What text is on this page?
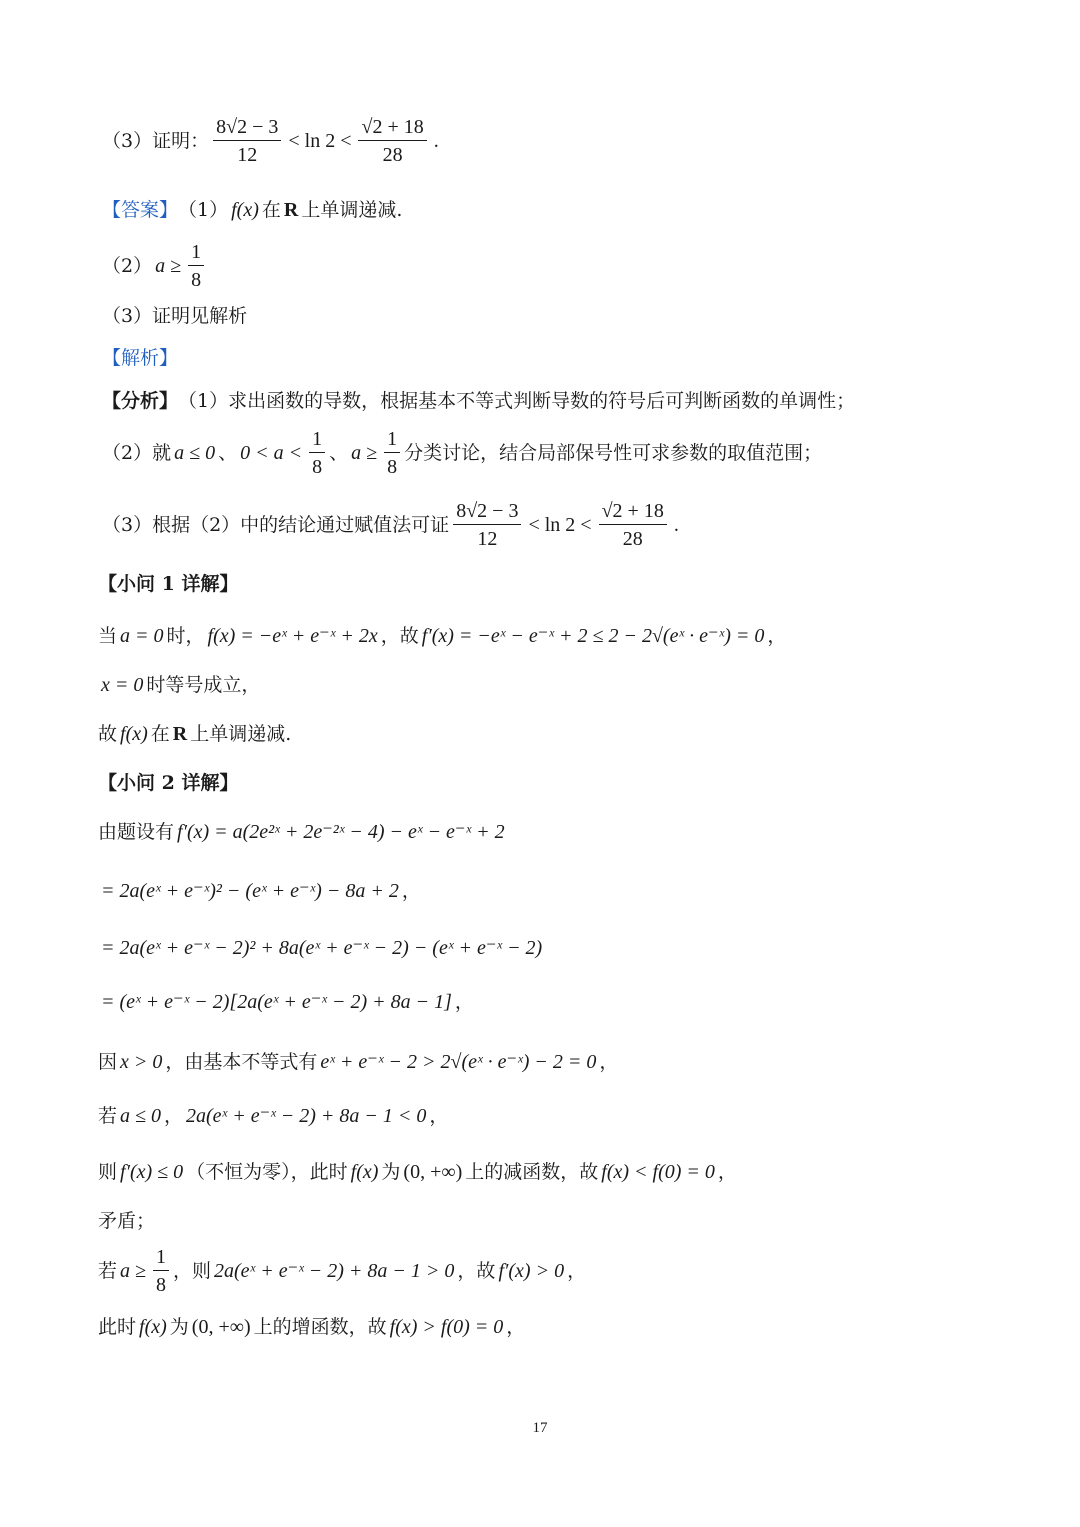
（3）证明： $\frac{8√2 - 3}{12} < \ln 2 < \frac{√2 + 18}{28}$ .
【答案】 （1） f(x) 在 R 上单调递减.
（2） $a \ge \frac{1}{8}$
（3）证明见解析
【解析】
【分析】 （1）求出函数的导数，根据基本不等式判断导数的符号后可判断函数的单调性；
（2）就 a ≤ 0 、 $0 < a < \frac{1}{8}$ 、 $a \ge \frac{1}{8}$ 分类讨论，结合局部保号性可求参数的取值范围；
（3）根据（2）中的结论通过赋值法可证 $\frac{8√2 - 3}{12} < \ln 2 < \frac{√2 + 18}{28}$ .
【小问 1 详解】
当 a = 0 时， f(x) = −eˣ + e⁻ˣ + 2x ，故 f′(x) = −eˣ − e⁻ˣ + 2 ≤ 2 − 2√(eˣ · e⁻ˣ) = 0 ，
x = 0 时等号成立，
故 f(x) 在 R 上单调递减.
【小问 2 详解】
由题设有 f′(x) = a(2e²ˣ + 2e⁻²ˣ − 4) − eˣ − e⁻ˣ + 2
= 2a(eˣ + e⁻ˣ)² − (eˣ + e⁻ˣ) − 8a + 2 ，
= 2a(eˣ + e⁻ˣ − 2)² + 8a(eˣ + e⁻ˣ − 2) − (eˣ + e⁻ˣ − 2)
= (eˣ + e⁻ˣ − 2)[2a(eˣ + e⁻ˣ − 2) + 8a − 1] ，
因 x > 0 ，由基本不等式有 eˣ + e⁻ˣ − 2 > 2√(eˣ · e⁻ˣ) − 2 = 0 ，
若 a ≤ 0 ， 2a(eˣ + e⁻ˣ − 2) + 8a − 1 < 0 ，
则 f′(x) ≤ 0 （不恒为零），此时 f(x) 为 (0, +∞) 上的减函数，故 f(x) < f(0) = 0 ，
矛盾；
若 $a \ge \frac{1}{8}$ ，则 2a(eˣ + e⁻ˣ − 2) + 8a − 1 > 0 ，故 f′(x) > 0 ，
此时 f(x) 为 (0, +∞) 上的增函数，故 f(x) > f(0) = 0 ，
17
